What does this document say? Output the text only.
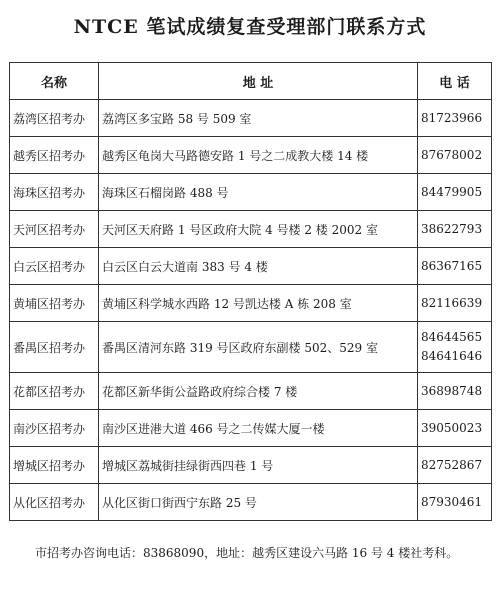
NTCE 笔试成绩复查受理部门联系方式
名称	地 址	电 话
荔湾区招考办	荔湾区多宝路 58 号 509 室	81723966

越秀区招考办	越秀区龟岗大马路德安路 1 号之二成教大楼 14 楼	87678002

海珠区招考办	海珠区石榴岗路 488 号	84479905

天河区招考办	天河区天府路 1 号区政府大院 4 号楼 2 楼 2002 室	38622793

白云区招考办	白云区白云大道南 383 号 4 楼	86367165

黄埔区招考办	黄埔区科学城水西路 12 号凯达楼 A 栋 208 室	82116639

番禺区招考办	番禺区清河东路 319 号区政府东副楼 502、529 室	84644565
84641646

花都区招考办	花都区新华街公益路政府综合楼 7 楼	36898748

南沙区招考办	南沙区进港大道 466 号之二传媒大厦一楼	39050023

增城区招考办	增城区荔城街挂绿街西四巷 1 号	82752867

从化区招考办	从化区街口街西宁东路 25 号	87930461
市招考办咨询电话：83868090，地址：越秀区建设六马路 16 号 4 楼社考科。
